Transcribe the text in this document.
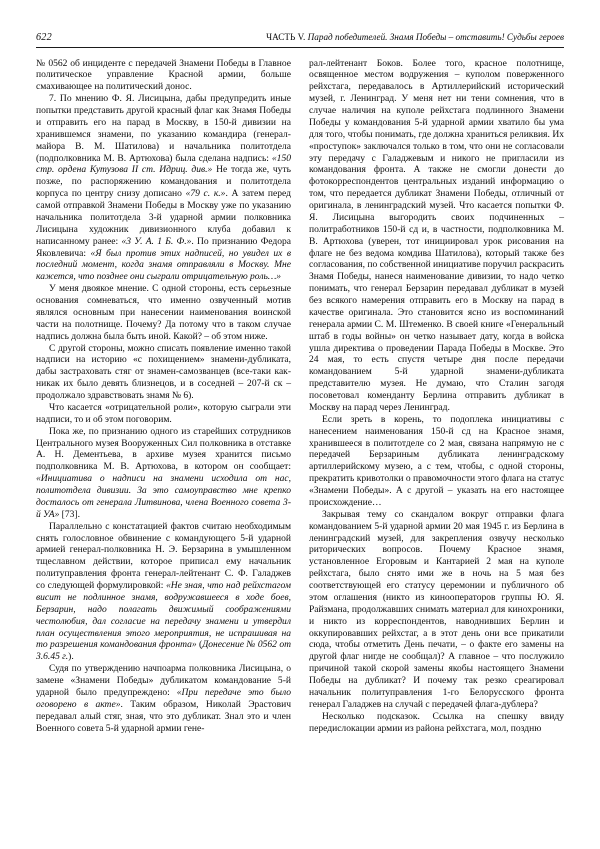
622	ЧАСТЬ V. Парад победителей. Знамя Победы – отставить! Судьбы героев

№ 0562 об инциденте с передачей Знамени Победы в Главное политическое управление Красной армии, больше смахивающее на политический донос.

7. По мнению Ф. Я. Лисицына, дабы предупредить иные попытки представить другой красный флаг как Знамя Победы и отправить его на парад в Москву, в 150-й дивизии на хранившемся знамени, по указанию командира (генерал-майора В. М. Шатилова) и начальника политотдела (подполковника М. В. Артюхова) была сделана надпись: «150 стр. ордена Кутузова II ст. Идриц. див.» Не тогда же, чуть позже, по распоряжению командования и политотдела корпуса по центру снизу дописано «79 с. к.». А затем перед самой отправкой Знамени Победы в Москву уже по указанию начальника политотдела 3-й ударной армии полковника Лисицына художник дивизионного клуба добавил к написанному ранее: «3 У. А. 1 Б. Ф.». По признанию Федора Яковлевича: «Я был против этих надписей, но увидел их в последний момент, когда знамя отправляли в Москву. Мне кажется, что позднее они сыграли отрицательную роль…»

У меня двоякое мнение. С одной стороны, есть серьезные основания сомневаться, что именно озвученный мотив являлся основным при нанесении наименования воинской части на полотнище. Почему? Да потому что в таком случае надпись должна была быть иной. Какой? – об этом ниже.

С другой стороны, можно списать появление именно такой надписи на историю «с похищением» знамени-дубликата, дабы застраховать стяг от знамен-самозванцев (все-таки как-никак их было девять близнецов, и в соседней – 207-й ск – продолжало здравствовать знамя № 6).

Что касается «отрицательной роли», которую сыграли эти надписи, то и об этом поговорим.

Пока же, по признанию одного из старейших сотрудников Центрального музея Вооруженных Сил полковника в отставке А. Н. Дементьева, в архиве музея хранится письмо подполковника М. В. Артюхова, в котором он сообщает: «Инициатива о надписи на знамени исходила от нас, политотдела дивизии. За это самоуправство мне крепко досталось от генерала Литвинова, члена Военного совета 3-й УА» [73].

Параллельно с констатацией фактов считаю необходимым снять голословное обвинение с командующего 5-й ударной армией генерал-полковника Н. Э. Берзарина в умышленном тщеславном действии, которое приписал ему начальник политуправления фронта генерал-лейтенант С. Ф. Галаджев со следующей формулировкой: «Не зная, что над рейхстагом висит не подлинное знамя, водружавшееся в ходе боев, Берзарин, надо полагать движимый соображениями честолюбия, дал согласие на передачу знамени и утвердил план осуществления этого мероприятия, не испрашивая на то разрешения командования фронта» (Донесение № 0562 от 3.6.45 г.).

Судя по утверждению начпоарма полковника Лисицына, о замене «Знамени Победы» дубликатом командование 5-й ударной было предупреждено: «При передаче это было оговорено в акте». Таким образом, Николай Эрастович передавал алый стяг, зная, что это дубликат. Знал это и член Военного совета 5-й ударной армии гене-

рал-лейтенант Боков. Более того, красное полотнище, освященное местом водружения – куполом поверженного рейхстага, передавалось в Артиллерийский исторический музей, г. Ленинград. У меня нет ни тени сомнения, что в случае наличия на куполе рейхстага подлинного Знамени Победы у командования 5-й ударной армии хватило бы ума для того, чтобы понимать, где должна храниться реликвия. Их «проступок» заключался только в том, что они не согласовали эту передачу с Галаджевым и никого не пригласили из командования фронта. А также не смогли донести до фотокорреспондентов центральных изданий информацию о том, что передается дубликат Знамени Победы, отличный от оригинала, в ленинградский музей. Что касается попытки Ф. Я. Лисицына выгородить своих подчиненных – политработников 150-й сд и, в частности, подполковника М. В. Артюхова (уверен, тот инициировал урок рисования на флаге не без ведома комдива Шатилова), который также без согласования, по собственной инициативе поручил раскрасить Знамя Победы, нанеся наименование дивизии, то надо четко понимать, что генерал Берзарин передавал дубликат в музей без всякого намерения отправить его в Москву на парад в качестве оригинала. Это становится ясно из воспоминаний генерала армии С. М. Штеменко. В своей книге «Генеральный штаб в годы войны» он четко называет дату, когда в войска ушла директива о проведении Парада Победы в Москве. Это 24 мая, то есть спустя четыре дня после передачи командованием 5-й ударной знамени-дубликата представителю музея. Не думаю, что Сталин загодя посоветовал коменданту Берлина отправить дубликат в Москву на парад через Ленинград.

Если зреть в корень, то подоплека инициативы с нанесением наименования 150-й сд на Красное знамя, хранившееся в политотделе со 2 мая, связана напрямую не с передачей Берзариным дубликата ленинградскому артиллерийскому музею, а с тем, чтобы, с одной стороны, прекратить кривотолки о правомочности этого флага на статус «Знамени Победы». А с другой – указать на его настоящее происхождение…

Закрывая тему со скандалом вокруг отправки флага командованием 5-й ударной армии 20 мая 1945 г. из Берлина в ленинградский музей, для закрепления озвучу несколько риторических вопросов. Почему Красное знамя, установленное Егоровым и Кантарией 2 мая на куполе рейхстага, было снято ими же в ночь на 5 мая без соответствующей его статусу церемонии и публичного об этом оглашения (никто из кинооператоров группы Ю. Я. Райзмана, продолжавших снимать материал для кинохроники, и никто из корреспондентов, наводнивших Берлин и оккупировавших рейхстаг, а в этот день они все прикатили сюда, чтобы отметить День печати, – о факте его замены на другой флаг нигде не сообщал)? А главное – что послужило причиной такой скорой замены якобы настоящего Знамени Победы на дубликат? И почему так резко среагировал начальник политуправления 1-го Белорусского фронта генерал Галаджев на случай с передачей флага-дублера?

Несколько подсказок. Ссылка на спешку ввиду передислокации армии из района рейхстага, мол, поздню
